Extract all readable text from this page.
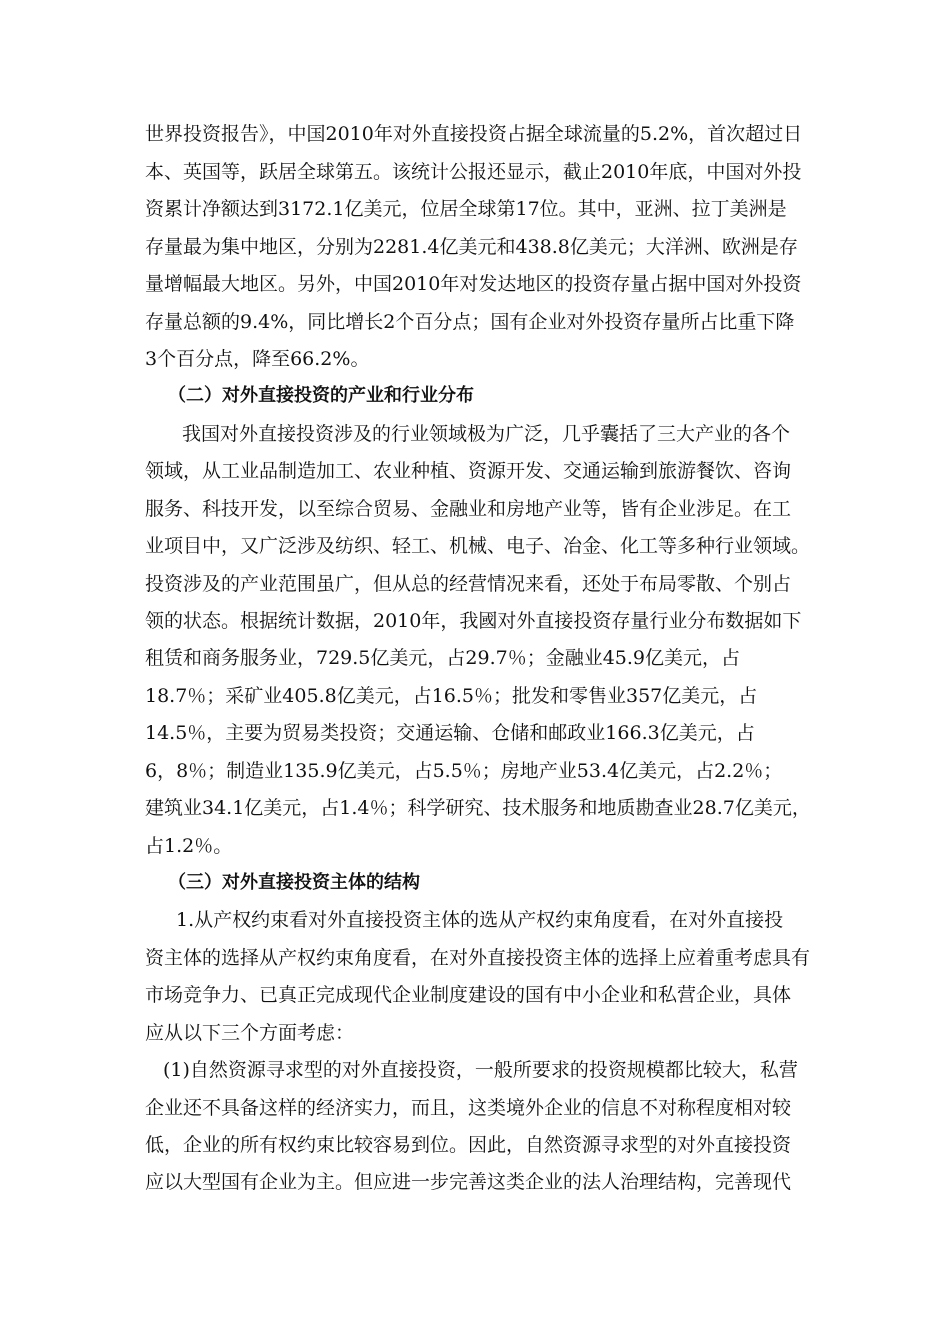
世界投资报告》，中国2010年对外直接投资占据全球流量的5.2%，首次超过日
本、英国等，跃居全球第五。该统计公报还显示，截止2010年底，中国对外投
资累计净额达到3172.1亿美元，位居全球第17位。其中，亚洲、拉丁美洲是
存量最为集中地区，分别为2281.4亿美元和438.8亿美元；大洋洲、欧洲是存
量增幅最大地区。另外，中国2010年对发达地区的投资存量占据中国对外投资
存量总额的9.4%，同比增长2个百分点；国有企业对外投资存量所占比重下降
3个百分点，降至66.2%。
（二）对外直接投资的产业和行业分布
我国对外直接投资涉及的行业领域极为广泛，几乎囊括了三大产业的各个
领域，从工业品制造加工、农业种植、资源开发、交通运输到旅游餐饮、咨询
服务、科技开发，以至综合贸易、金融业和房地产业等，皆有企业涉足。在工
业项目中，又广泛涉及纺织、轻工、机械、电子、冶金、化工等多种行业领域。
投资涉及的产业范围虽广，但从总的经营情况来看，还处于布局零散、个别占
领的状态。根据统计数据，2010年，我國对外直接投资存量行业分布数据如下
租赁和商务服务业，729.5亿美元，占29.7％；金融业45.9亿美元，占
18.7％；采矿业405.8亿美元，占16.5％；批发和零售业357亿美元，占
14.5％，主要为贸易类投资；交通运输、仓储和邮政业166.3亿美元，占
6，8％；制造业135.9亿美元，占5.5％；房地产业53.4亿美元，占2.2％；
建筑业34.1亿美元，占1.4％；科学研究、技术服务和地质勘查业28.7亿美元，
占1.2％。
（三）对外直接投资主体的结构
1.从产权约束看对外直接投资主体的选从产权约束角度看，在对外直接投
资主体的选择从产权约束角度看，在对外直接投资主体的选择上应着重考虑具有
市场竞争力、已真正完成现代企业制度建设的国有中小企业和私营企业，具体
应从以下三个方面考虑：
(1)自然资源寻求型的对外直接投资，一般所要求的投资规模都比较大，私营
企业还不具备这样的经济实力，而且，这类境外企业的信息不对称程度相对较
低，企业的所有权约束比较容易到位。因此，自然资源寻求型的对外直接投资
应以大型国有企业为主。但应进一步完善这类企业的法人治理结构，完善现代
